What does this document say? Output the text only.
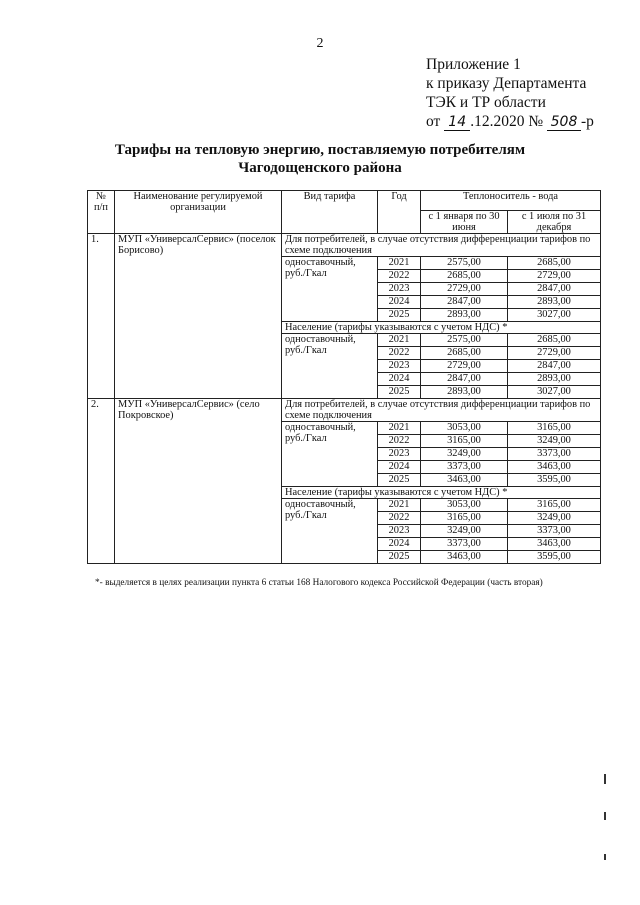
2
Приложение 1
к приказу Департамента
ТЭК и ТР области
от 14 .12.2020 № 508 -р
Тарифы на тепловую энергию, поставляемую потребителям
Чагодощенского района
№ п/п	Наименование регулируемой организации	Вид тарифа	Год	Теплоноситель - вода	
				с 1 января по 30 июня	с 1 июля по 31 декабря
1.	МУП «УниверсалСервис» (поселок Борисово)	Для потребителей, в случае отсутствия дифференциации тарифов по схеме подключения			
		одноставочный, руб./Гкал	2021	2575,00	2685,00
			2022	2685,00	2729,00
			2023	2729,00	2847,00
			2024	2847,00	2893,00
			2025	2893,00	3027,00
		Население (тарифы указываются с учетом НДС) *			
		одноставочный, руб./Гкал	2021	2575,00	2685,00
			2022	2685,00	2729,00
			2023	2729,00	2847,00
			2024	2847,00	2893,00
			2025	2893,00	3027,00
2.	МУП «УниверсалСервис» (село Покровское)	Для потребителей, в случае отсутствия дифференциации тарифов по схеме подключения			
		одноставочный, руб./Гкал	2021	3053,00	3165,00
			2022	3165,00	3249,00
			2023	3249,00	3373,00
			2024	3373,00	3463,00
			2025	3463,00	3595,00
		Население (тарифы указываются с учетом НДС) *			
		одноставочный, руб./Гкал	2021	3053,00	3165,00
			2022	3165,00	3249,00
			2023	3249,00	3373,00
			2024	3373,00	3463,00
			2025	3463,00	3595,00
*- выделяется в целях реализации пункта 6 статьи 168 Налогового кодекса Российской Федерации (часть вторая)
